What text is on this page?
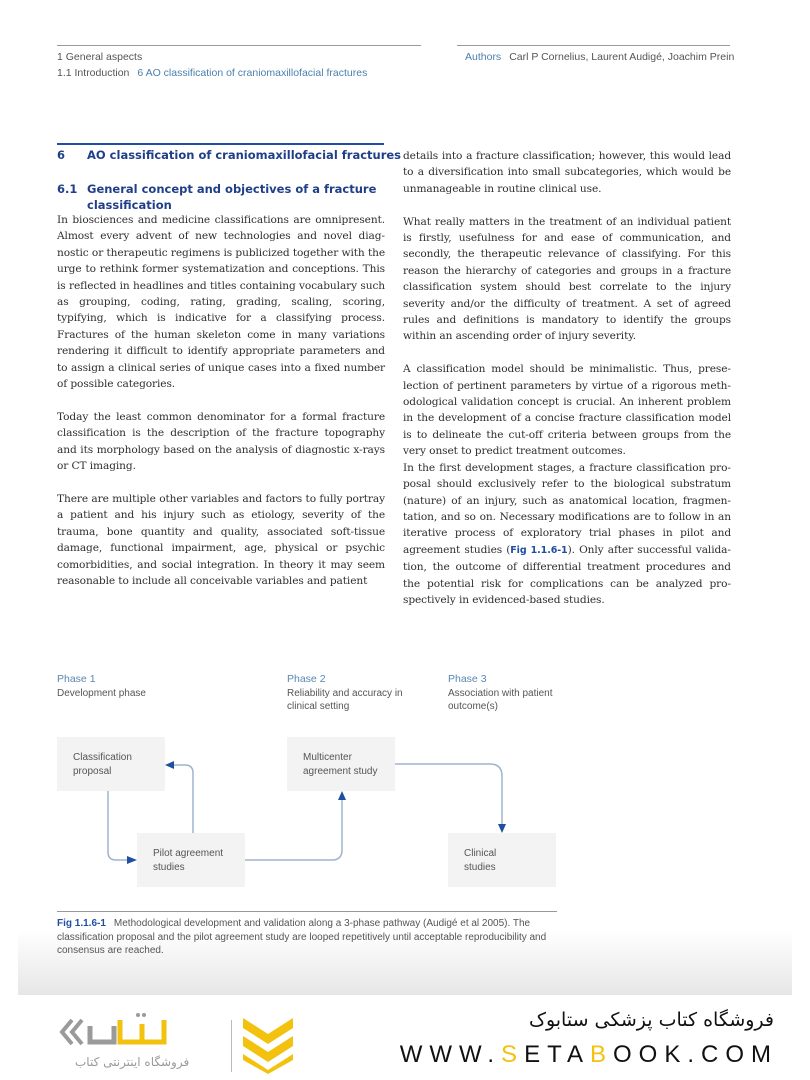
1 General aspects
1.1 Introduction 6 AO classification of craniomaxillofacial fractures
Authors Carl P Cornelius, Laurent Audigé, Joachim Prein
6 AO classification of craniomaxillofacial fractures
6.1 General concept and objectives of a fracture classification

In biosciences and medicine classifications are omnipresent. Almost every advent of new technologies and novel diagnostic or therapeutic regimens is publicized together with the urge to rethink former systematization and conceptions. This is reflected in headlines and titles containing vocabulary such as grouping, coding, rating, grading, scaling, scoring, typifying, which is indicative for a classifying process. Fractures of the human skeleton come in many variations rendering it difficult to identify appropriate parameters and to assign a clinical series of unique cases into a fixed number of possible categories.

Today the least common denominator for a formal fracture classification is the description of the fracture topography and its morphology based on the analysis of diagnostic x-rays or CT imaging.

There are multiple other variables and factors to fully portray a patient and his injury such as etiology, severity of the trauma, bone quantity and quality, associated soft-tissue damage, functional impairment, age, physical or psychic comorbidities, and social integration. In theory it may seem reasonable to include all conceivable variables and patient

details into a fracture classification; however, this would lead to a diversification into small subcategories, which would be unmanageable in routine clinical use.

What really matters in the treatment of an individual patient is firstly, usefulness for and ease of communication, and secondly, the therapeutic relevance of classifying. For this reason the hierarchy of categories and groups in a fracture classification system should best correlate to the injury severity and/or the difficulty of treatment. A set of agreed rules and definitions is mandatory to identify the groups within an ascending order of injury severity.

A classification model should be minimalistic. Thus, preselection of pertinent parameters by virtue of a rigorous methodological validation concept is crucial. An inherent problem in the development of a concise fracture classification model is to delineate the cut-off criteria between groups from the very onset to predict treatment outcomes.

In the first development stages, a fracture classification proposal should exclusively refer to the biological substratum (nature) of an injury, such as anatomical location, fragmentation, and so on. Necessary modifications are to follow in an iterative process of exploratory trial phases in pilot and agreement studies (Fig 1.1.6-1). Only after successful validation, the outcome of differential treatment procedures and the potential risk for complications can be analyzed prospectively in evidenced-based studies.

Phase 1
Development phase
Phase 2
Reliability and accuracy in
clinical setting
Phase 3
Association with patient
outcome(s)
Classification
proposal
Pilot agreement
studies
Multicenter
agreement study
Clinical
studies
Fig 1.1.6-1 Methodological development and validation along a 3-phase pathway (Audigé et al 2005). The classification proposal and the pilot agreement study are looped repetitively until acceptable reproducibility and consensus are reached.
فروشگاه اینترنتی کتاب
فروشگاه کتاب پزشکی ستابوک
WWW.SETABOOK.COM
